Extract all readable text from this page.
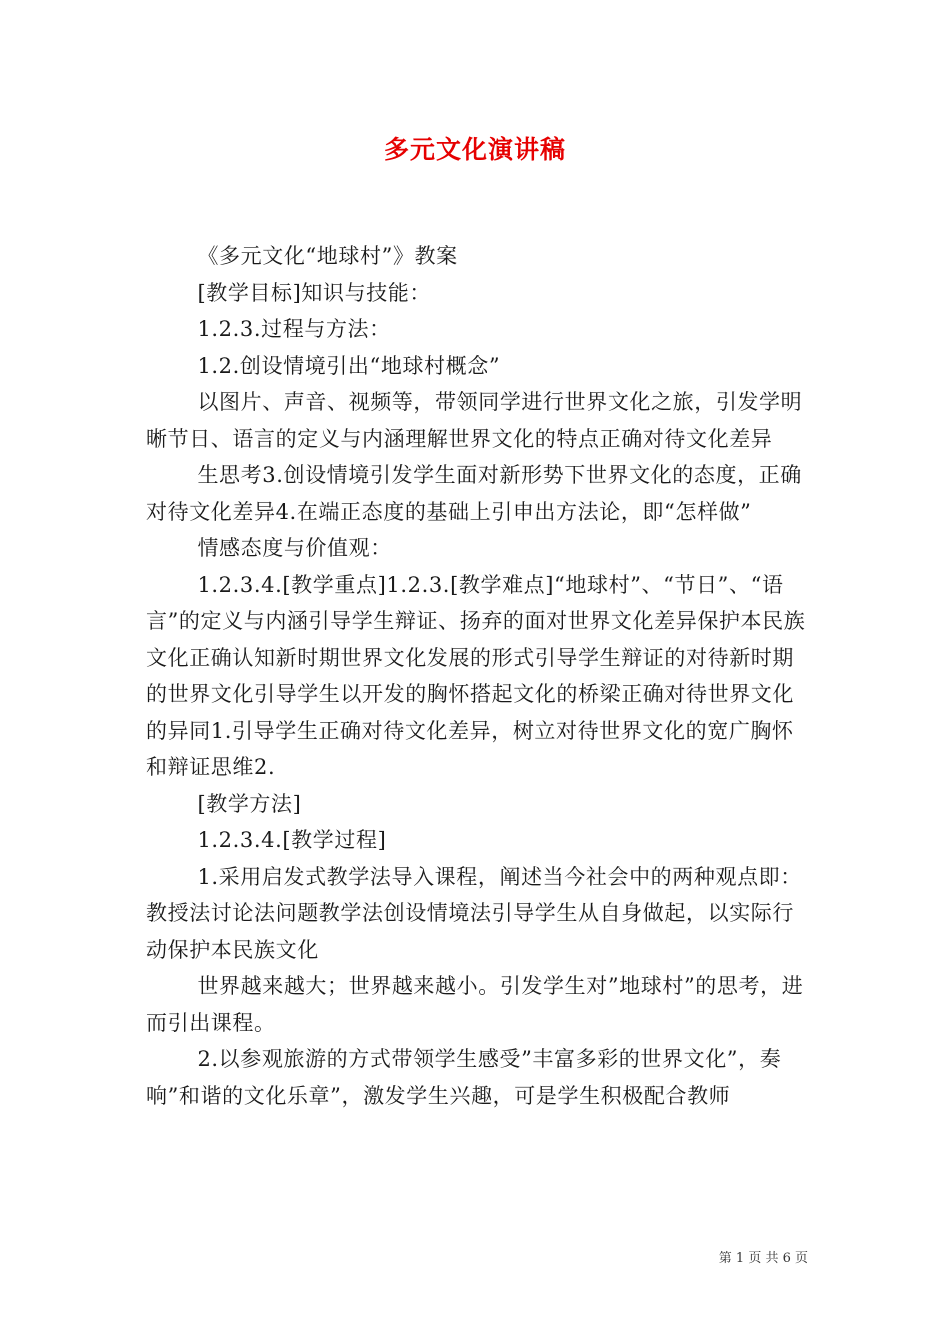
多元文化演讲稿

《多元文化“地球村”》教案

[教学目标]知识与技能：

1.2.3.过程与方法：

1.2.创设情境引出“地球村概念”

以图片、声音、视频等，带领同学进行世界文化之旅，引发学明晰节日、语言的定义与内涵理解世界文化的特点正确对待文化差异

生思考3.创设情境引发学生面对新形势下世界文化的态度，正确对待文化差异4.在端正态度的基础上引申出方法论，即“怎样做”

情感态度与价值观：

1.2.3.4.[教学重点]1.2.3.[教学难点]“地球村”、“节日”、“语言”的定义与内涵引导学生辩证、扬弃的面对世界文化差异保护本民族文化正确认知新时期世界文化发展的形式引导学生辩证的对待新时期的世界文化引导学生以开发的胸怀搭起文化的桥梁正确对待世界文化的异同1.引导学生正确对待文化差异，树立对待世界文化的宽广胸怀和辩证思维2.

[教学方法]

1.2.3.4.[教学过程]

1.采用启发式教学法导入课程，阐述当今社会中的两种观点即：教授法讨论法问题教学法创设情境法引导学生从自身做起，以实际行动保护本民族文化

世界越来越大；世界越来越小。引发学生对”地球村”的思考，进而引出课程。

2.以参观旅游的方式带领学生感受”丰富多彩的世界文化”，奏响”和谐的文化乐章”，激发学生兴趣，可是学生积极配合教师

第 1 页 共 6 页
